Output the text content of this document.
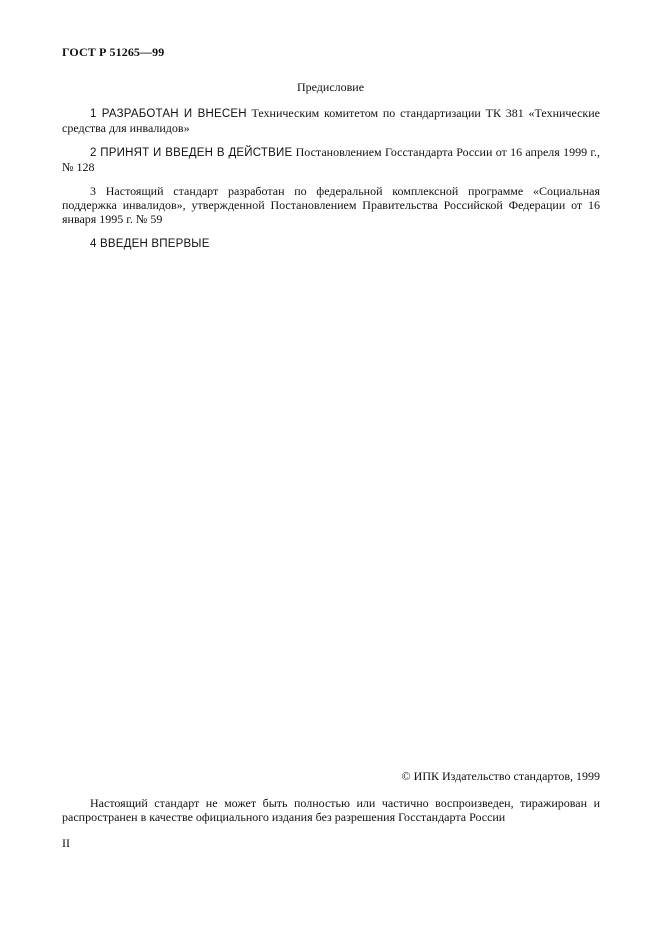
ГОСТ Р 51265—99
Предисловие
1 РАЗРАБОТАН И ВНЕСЕН Техническим комитетом по стандартизации ТК 381 «Технические средства для инвалидов»
2 ПРИНЯТ И ВВЕДЕН В ДЕЙСТВИЕ Постановлением Госстандарта России от 16 апреля 1999 г., № 128
3 Настоящий стандарт разработан по федеральной комплексной программе «Социальная поддержка инвалидов», утвержденной Постановлением Правительства Российской Федерации от 16 января 1995 г. № 59
4 ВВЕДЕН ВПЕРВЫЕ
© ИПК Издательство стандартов, 1999
Настоящий стандарт не может быть полностью или частично воспроизведен, тиражирован и распространен в качестве официального издания без разрешения Госстандарта России
II
